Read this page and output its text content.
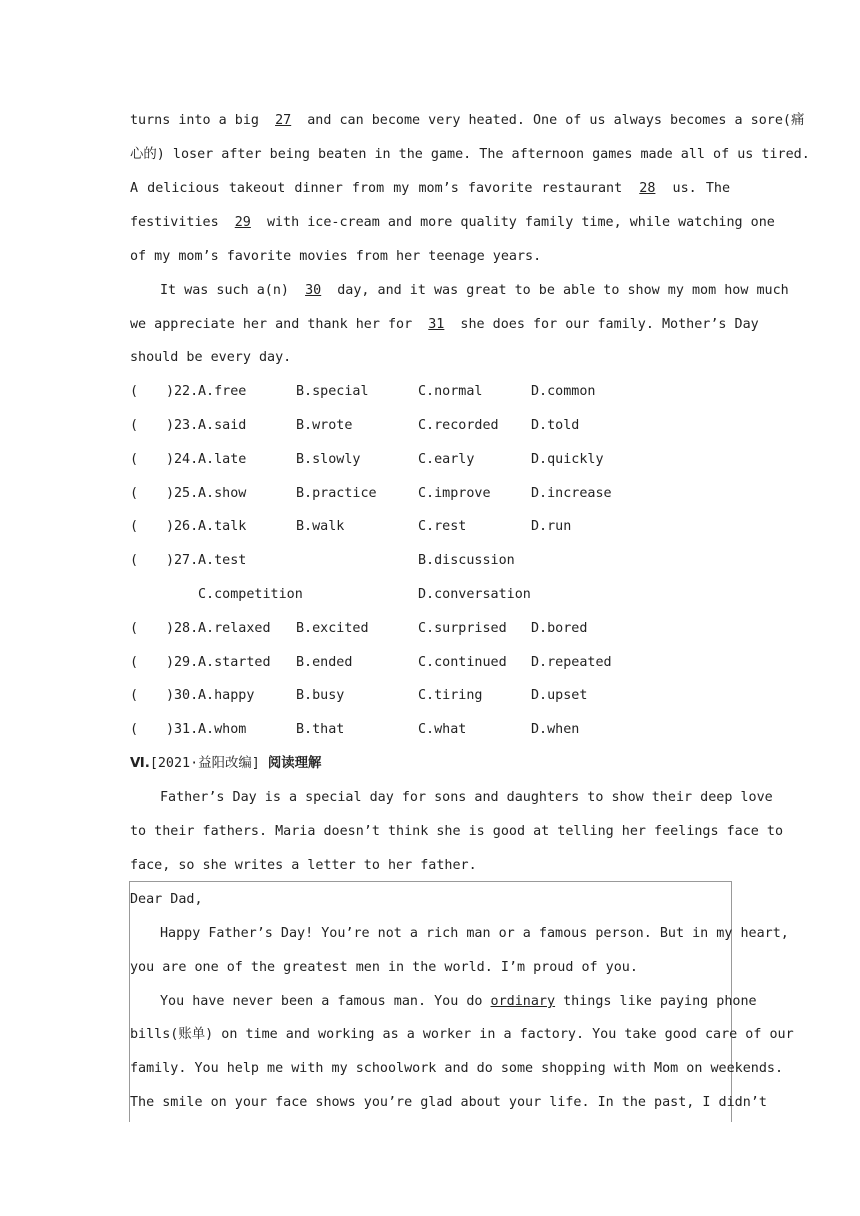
turns into a big 27 and can become very heated. One of us always becomes a sore(痛
心的) loser after being beaten in the game. The afternoon games made all of us tired.
A delicious takeout dinner from my mom’s favorite restaurant 28 us. The
festivities 29 with ice-cream and more quality family time, while watching one
of my mom’s favorite movies from her teenage years.
It was such a(n) 30 day, and it was great to be able to show my mom how much
we appreciate her and thank her for 31 she does for our family. Mother’s Day
should be every day.
( ) 22. A.free	B.special	C.normal	D.common
( ) 23. A.said	B.wrote	C.recorded D.told
( ) 24. A.late	B.slowly	C.early	D.quickly
( ) 25. A.show	B.practice	C.improve	D.increase
( ) 26. A.talk	B.walk	C.rest	D.run
( ) 27. A.test	B.discussion
C.competition	D.conversation
( ) 28. A.relaxed B.excited	C.surprised D.bored
( ) 29. A.started B.ended	C.continued D.repeated
( ) 30. A.happy	B.busy	C.tiring	D.upset
( ) 31. A.whom	B.that	C.what	D.when
Ⅵ.[2021·益阳改编] 阅读理解
Father’s Day is a special day for sons and daughters to show their deep love
to their fathers. Maria doesn’t think she is good at telling her feelings face to
face, so she writes a letter to her father.
Dear Dad,
Happy Father’s Day! You’re not a rich man or a famous person. But in my heart,
you are one of the greatest men in the world. I’m proud of you.
You have never been a famous man. You do ordinary things like paying phone
bills(账单) on time and working as a worker in a factory. You take good care of our
family. You help me with my schoolwork and do some shopping with Mom on weekends.
The smile on your face shows you’re glad about your life. In the past, I didn’t
